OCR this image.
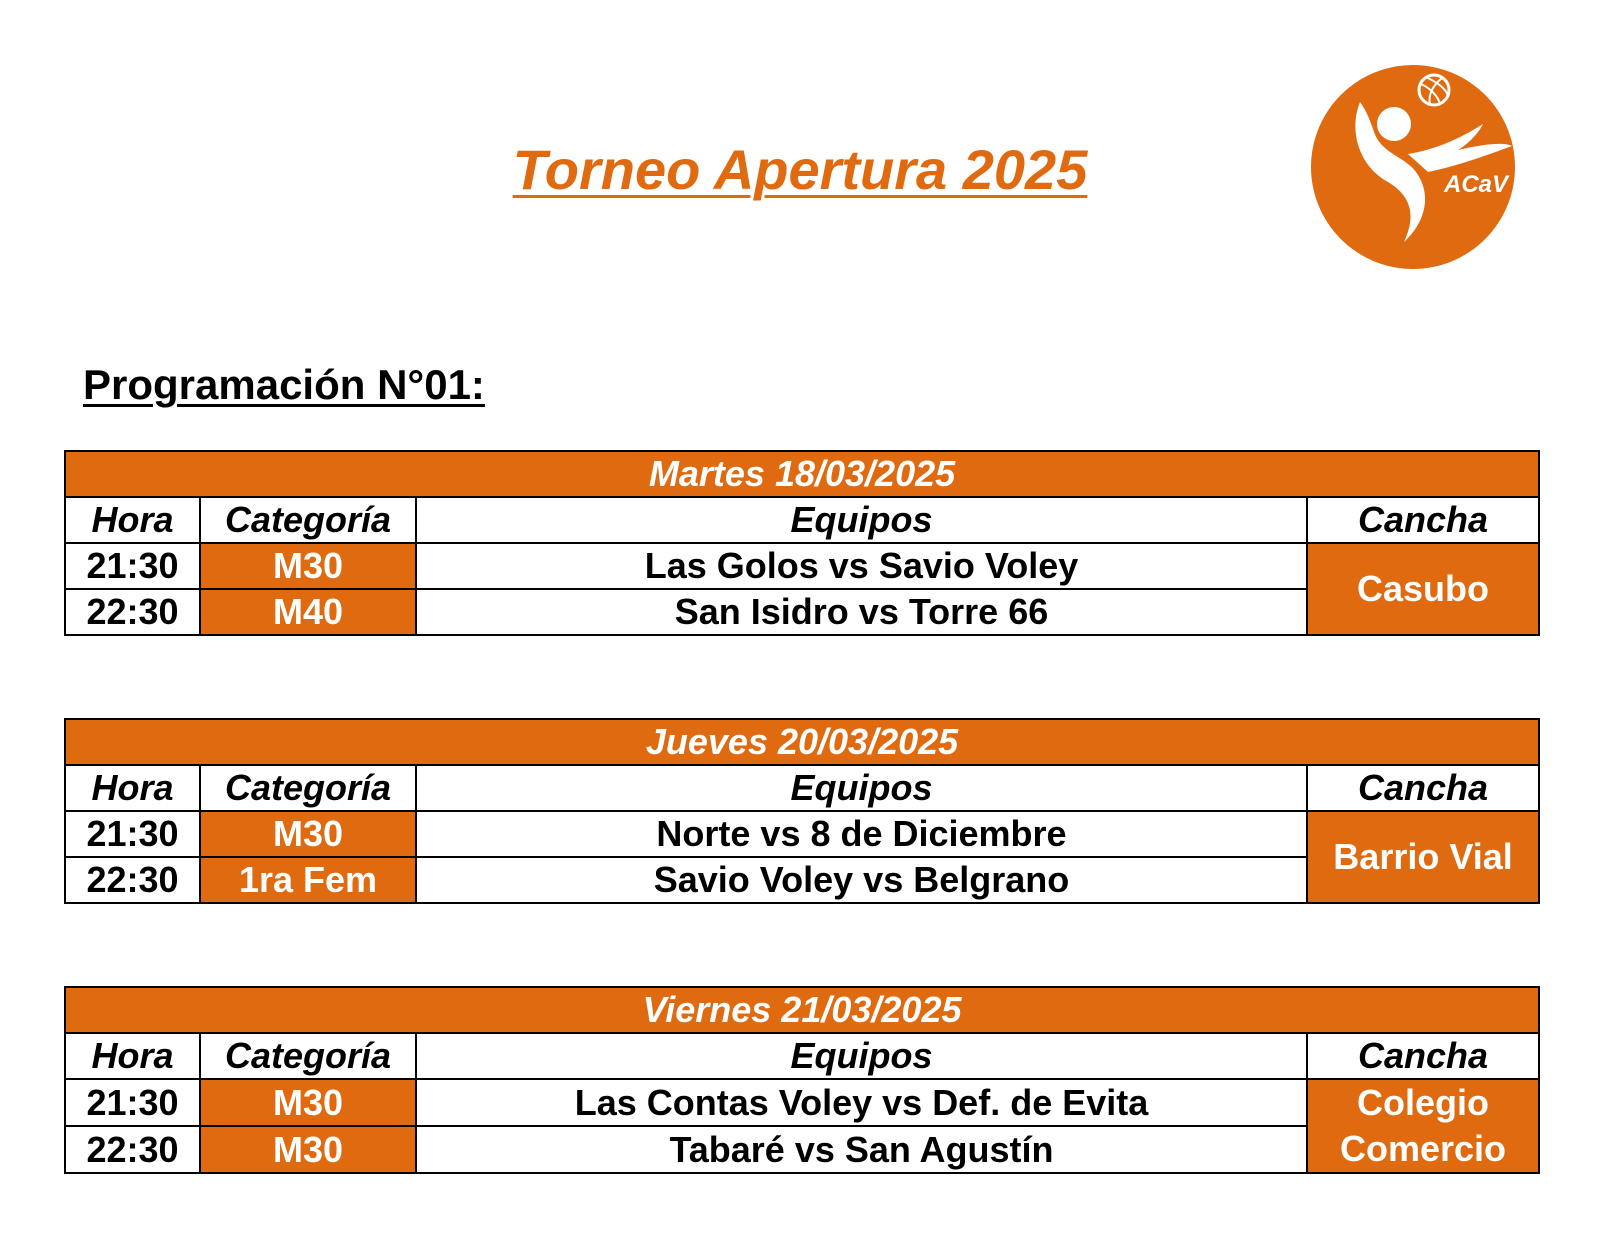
Torneo Apertura 2025	ACaV
Programación N°01:
Martes 18/03/2025			
Hora	Categoría	Equipos	Cancha
21:30	M30	Las Golos vs Savio Voley	Casubo
22:30	M40	San Isidro vs Torre 66	
Jueves 20/03/2025			
Hora	Categoría	Equipos	Cancha
21:30	M30	Norte vs 8 de Diciembre	Barrio Vial
22:30	1ra Fem	Savio Voley vs Belgrano	
Viernes 21/03/2025			
Hora	Categoría	Equipos	Cancha
21:30	M30	Las Contas Voley vs Def. de Evita	Colegio Comercio
22:30	M30	Tabaré vs San Agustín	
